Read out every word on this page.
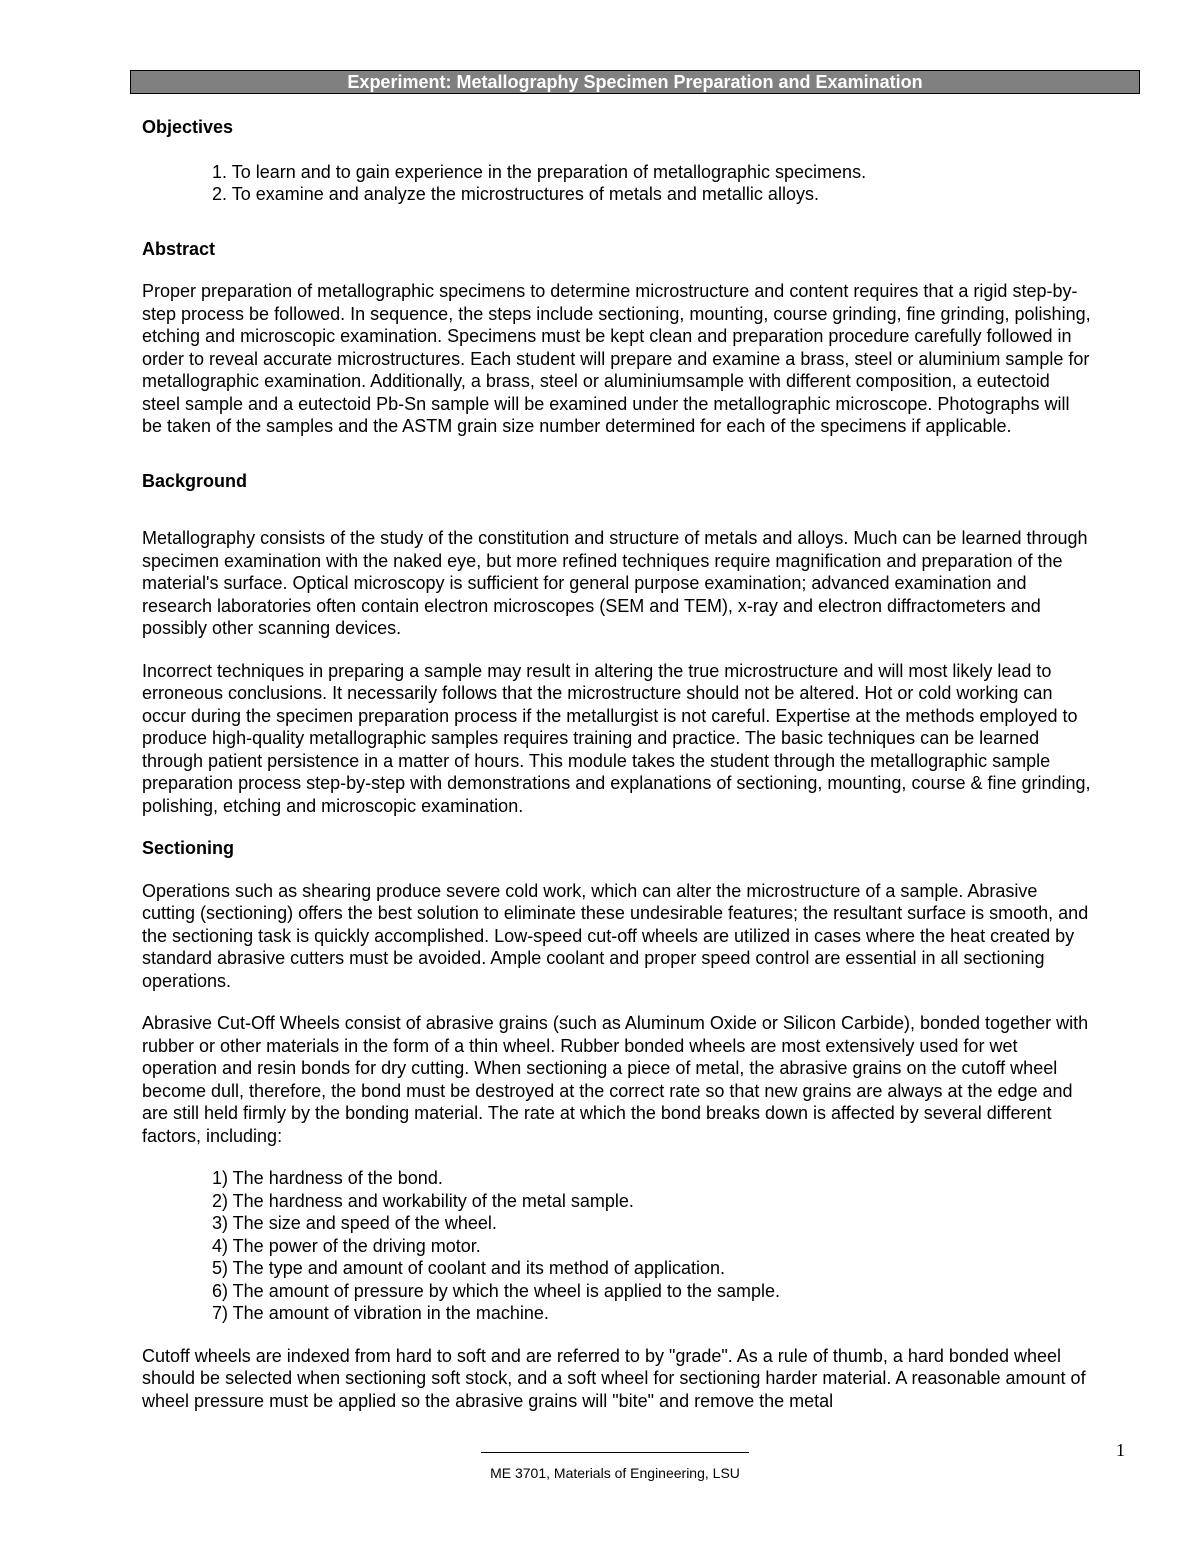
Experiment: Metallography Specimen Preparation and Examination
Objectives
1. To learn and to gain experience in the preparation of metallographic specimens.
2. To examine and analyze the microstructures of metals and metallic alloys.
Abstract

Proper preparation of metallographic specimens to determine microstructure and content requires that a rigid step-by-step process be followed. In sequence, the steps include sectioning, mounting, course grinding, fine grinding, polishing, etching and microscopic examination. Specimens must be kept clean and preparation procedure carefully followed in order to reveal accurate microstructures. Each student will prepare and examine a brass, steel or aluminium sample for metallographic examination. Additionally, a brass, steel or aluminiumsample with different composition, a eutectoid steel sample and a eutectoid Pb-Sn sample will be examined under the metallographic microscope. Photographs will be taken of the samples and the ASTM grain size number determined for each of the specimens if applicable.

Background

Metallography consists of the study of the constitution and structure of metals and alloys. Much can be learned through specimen examination with the naked eye, but more refined techniques require magnification and preparation of the material's surface. Optical microscopy is sufficient for general purpose examination; advanced examination and research laboratories often contain electron microscopes (SEM and TEM), x-ray and electron diffractometers and possibly other scanning devices.

Incorrect techniques in preparing a sample may result in altering the true microstructure and will most likely lead to erroneous conclusions. It necessarily follows that the microstructure should not be altered. Hot or cold working can occur during the specimen preparation process if the metallurgist is not careful. Expertise at the methods employed to produce high-quality metallographic samples requires training and practice. The basic techniques can be learned through patient persistence in a matter of hours. This module takes the student through the metallographic sample preparation process step-by-step with demonstrations and explanations of sectioning, mounting, course & fine grinding, polishing, etching and microscopic examination.

Sectioning

Operations such as shearing produce severe cold work, which can alter the microstructure of a sample. Abrasive cutting (sectioning) offers the best solution to eliminate these undesirable features; the resultant surface is smooth, and the sectioning task is quickly accomplished. Low-speed cut-off wheels are utilized in cases where the heat created by standard abrasive cutters must be avoided. Ample coolant and proper speed control are essential in all sectioning operations.

Abrasive Cut-Off Wheels consist of abrasive grains (such as Aluminum Oxide or Silicon Carbide), bonded together with rubber or other materials in the form of a thin wheel. Rubber bonded wheels are most extensively used for wet operation and resin bonds for dry cutting. When sectioning a piece of metal, the abrasive grains on the cutoff wheel become dull, therefore, the bond must be destroyed at the correct rate so that new grains are always at the edge and are still held firmly by the bonding material. The rate at which the bond breaks down is affected by several different factors, including:

1) The hardness of the bond.
2) The hardness and workability of the metal sample.
3) The size and speed of the wheel.
4) The power of the driving motor.
5) The type and amount of coolant and its method of application.
6) The amount of pressure by which the wheel is applied to the sample.
7) The amount of vibration in the machine.

Cutoff wheels are indexed from hard to soft and are referred to by "grade". As a rule of thumb, a hard bonded wheel should be selected when sectioning soft stock, and a soft wheel for sectioning harder material. A reasonable amount of wheel pressure must be applied so the abrasive grains will "bite" and remove the metal

ME 3701, Materials of Engineering, LSU
1
